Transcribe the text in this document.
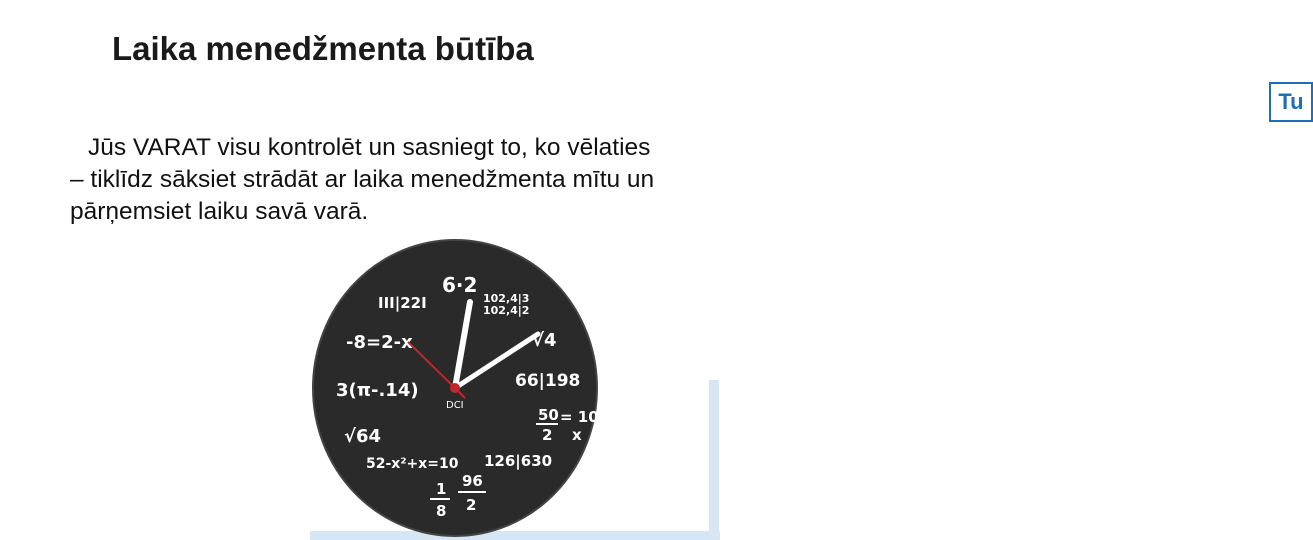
Laika menedžmenta būtība
Tu
Jūs VARAT visu kontrolēt un sasniegt to, ko vēlaties – tiklīdz sāksiet strādāt ar laika menedžmenta mītu un pārņemsiet laiku savā varā.
6·2
III|22I	102,4|3
102,4|2
-8=2-x	√4
3(π-.14)	66|198
√64
50
2
= 100
x
52-x²+x=10 126|630
1
8
96
2
DCI
